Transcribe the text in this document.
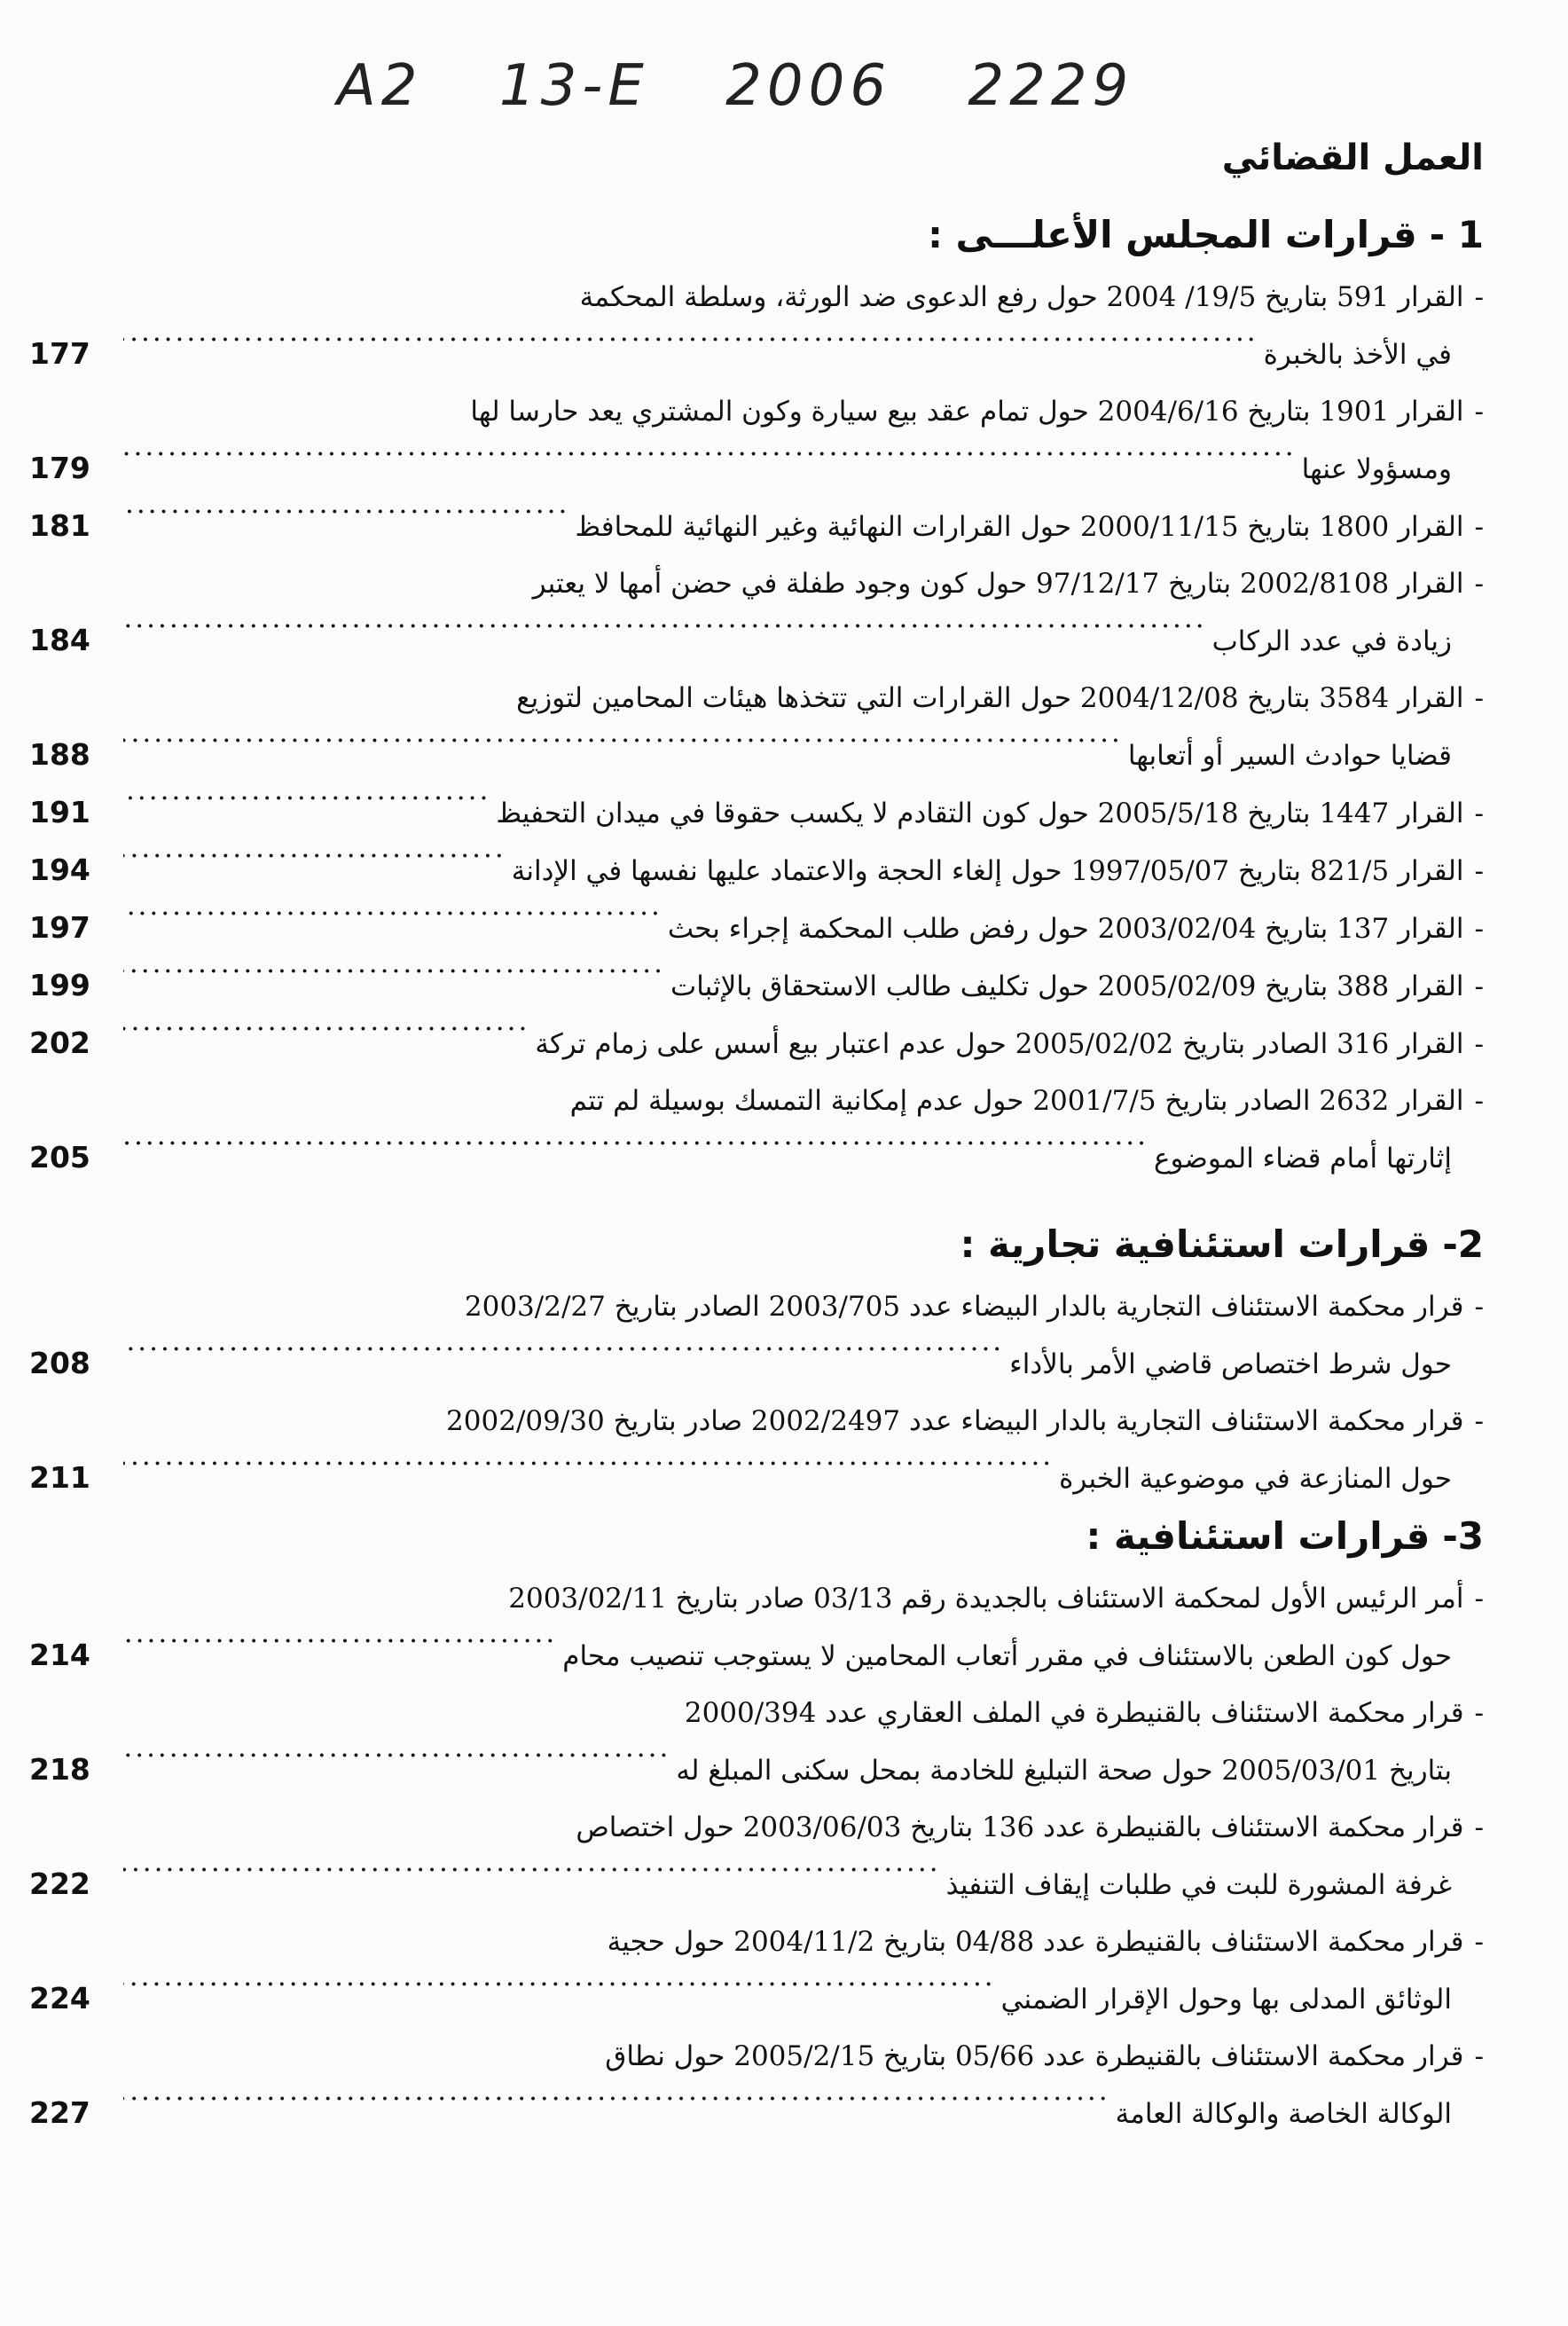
A2 13-E 2006 2229
العمل القضائي
1 -قرارات المجلس الأعلـــى :
-القرار 591 بتاريخ 19/5/ 2004 حول رفع الدعوى ضد الورثة، وسلطة المحكمة
في الأخذ بالخبرة
.....
177
-القرار 1901 بتاريخ 2004/6/16 حول تمام عقد بيع سيارة وكون المشتري يعد حارسا لها
ومسؤولا عنها
.....
179
-القرار 1800 بتاريخ 2000/11/15 حول القرارات النهائية وغير النهائية للمحافظ
.....
181
-القرار 2002/8108 بتاريخ 97/12/17 حول كون وجود طفلة في حضن أمها لا يعتبر
زيادة في عدد الركاب
.....
184
-القرار 3584 بتاريخ 2004/12/08 حول القرارات التي تتخذها هيئات المحامين لتوزيع
قضايا حوادث السير أو أتعابها
.....
188
-القرار 1447 بتاريخ 2005/5/18 حول كون التقادم لا يكسب حقوقا في ميدان التحفيظ
.....
191
-القرار 821/5 بتاريخ 1997/05/07 حول إلغاء الحجة والاعتماد عليها نفسها في الإدانة
.....
194
-القرار 137 بتاريخ 2003/02/04 حول رفض طلب المحكمة إجراء بحث
.....
197
-القرار 388 بتاريخ 2005/02/09 حول تكليف طالب الاستحقاق بالإثبات
.....
199
-القرار 316 الصادر بتاريخ 2005/02/02 حول عدم اعتبار بيع أسس على زمام تركة
.....
202
-القرار 2632 الصادر بتاريخ 2001/7/5 حول عدم إمكانية التمسك بوسيلة لم تتم
إثارتها أمام قضاء الموضوع
.....
205
2-قرارات استئنافية تجارية :
-قرار محكمة الاستئناف التجارية بالدار البيضاء عدد 2003/705 الصادر بتاريخ 2003/2/27
حول شرط اختصاص قاضي الأمر بالأداء
.....
208
-قرار محكمة الاستئناف التجارية بالدار البيضاء عدد 2002/2497 صادر بتاريخ 2002/09/30
حول المنازعة في موضوعية الخبرة
.....
211
3-قرارات استئنافية :
-أمر الرئيس الأول لمحكمة الاستئناف بالجديدة رقم 03/13 صادر بتاريخ 2003/02/11
حول كون الطعن بالاستئناف في مقرر أتعاب المحامين لا يستوجب تنصيب محام
.....
214
-قرار محكمة الاستئناف بالقنيطرة في الملف العقاري عدد 2000/394
بتاريخ 2005/03/01 حول صحة التبليغ للخادمة بمحل سكنى المبلغ له
.....
218
-قرار محكمة الاستئناف بالقنيطرة عدد 136 بتاريخ 2003/06/03 حول اختصاص
غرفة المشورة للبت في طلبات إيقاف التنفيذ
.....
222
-قرار محكمة الاستئناف بالقنيطرة عدد 04/88 بتاريخ 2004/11/2 حول حجية
الوثائق المدلى بها وحول الإقرار الضمني
.....
224
-قرار محكمة الاستئناف بالقنيطرة عدد 05/66 بتاريخ 2005/2/15 حول نطاق
الوكالة الخاصة والوكالة العامة
.....
227
